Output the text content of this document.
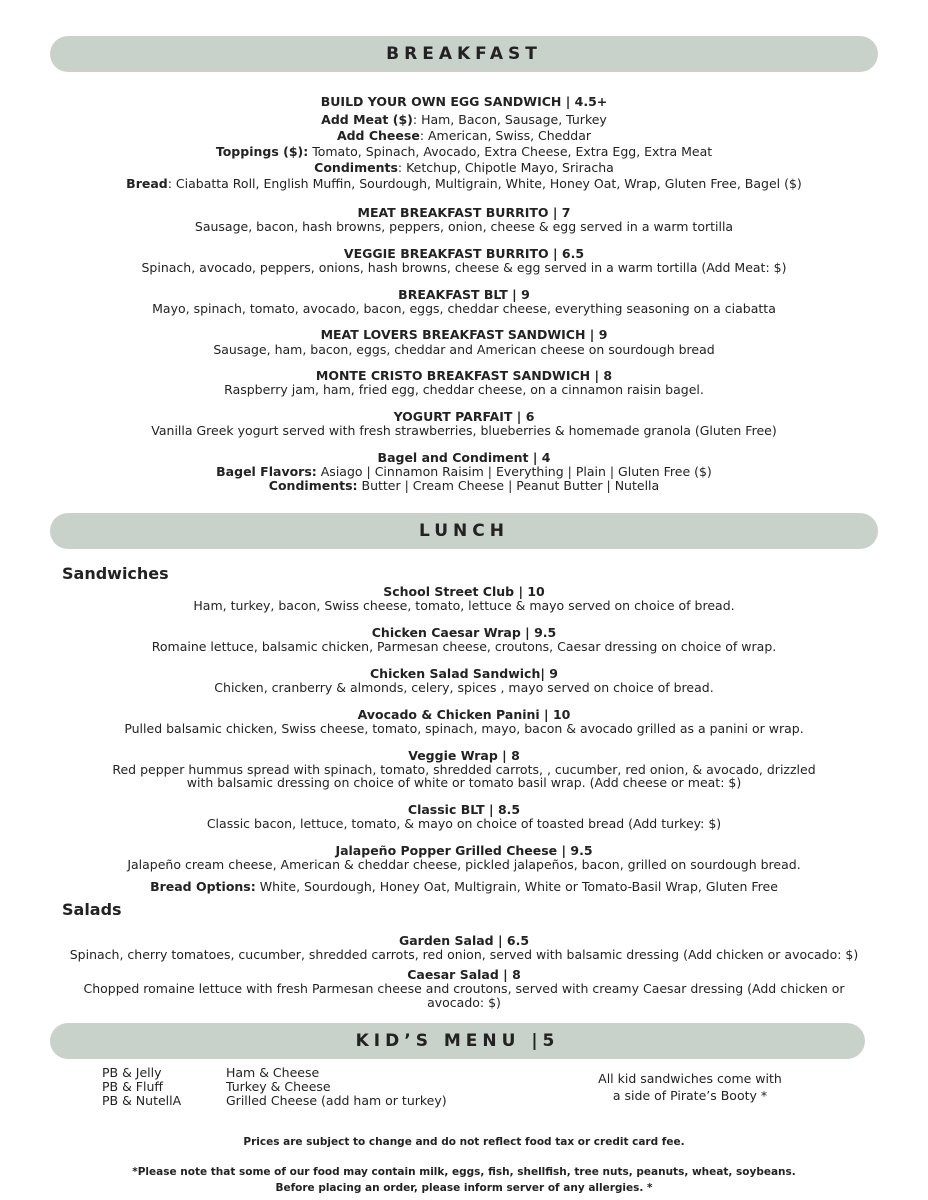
BREAKFAST
BUILD YOUR OWN EGG SANDWICH | 4.5+
Add Meat ($): Ham, Bacon, Sausage, Turkey
Add Cheese: American, Swiss, Cheddar
Toppings ($): Tomato, Spinach, Avocado, Extra Cheese, Extra Egg, Extra Meat
Condiments: Ketchup, Chipotle Mayo, Sriracha
Bread: Ciabatta Roll, English Muffin, Sourdough, Multigrain, White, Honey Oat, Wrap, Gluten Free, Bagel ($)
MEAT BREAKFAST BURRITO | 7
Sausage, bacon, hash browns, peppers, onion, cheese & egg served in a warm tortilla
VEGGIE BREAKFAST BURRITO | 6.5
Spinach, avocado, peppers, onions, hash browns, cheese & egg served in a warm tortilla (Add Meat: $)
BREAKFAST BLT | 9
Mayo, spinach, tomato, avocado, bacon, eggs, cheddar cheese, everything seasoning on a ciabatta
MEAT LOVERS BREAKFAST SANDWICH | 9
Sausage, ham, bacon, eggs, cheddar and American cheese on sourdough bread
MONTE CRISTO BREAKFAST SANDWICH | 8
Raspberry jam, ham, fried egg, cheddar cheese, on a cinnamon raisin bagel.
YOGURT PARFAIT | 6
Vanilla Greek yogurt served with fresh strawberries, blueberries & homemade granola (Gluten Free)
Bagel and Condiment | 4
Bagel Flavors: Asiago | Cinnamon Raisim | Everything | Plain | Gluten Free ($)
Condiments: Butter | Cream Cheese | Peanut Butter | Nutella
LUNCH
Sandwiches
School Street Club | 10
Ham, turkey, bacon, Swiss cheese, tomato, lettuce & mayo served on choice of bread.
Chicken Caesar Wrap | 9.5
Romaine lettuce, balsamic chicken, Parmesan cheese, croutons, Caesar dressing on choice of wrap.
Chicken Salad Sandwich| 9
Chicken, cranberry & almonds, celery, spices , mayo served on choice of bread.
Avocado & Chicken Panini | 10
Pulled balsamic chicken, Swiss cheese, tomato, spinach, mayo, bacon & avocado grilled as a panini or wrap.
Veggie Wrap | 8
Red pepper hummus spread with spinach, tomato, shredded carrots, , cucumber, red onion, & avocado, drizzled
with balsamic dressing on choice of white or tomato basil wrap. (Add cheese or meat: $)
Classic BLT | 8.5
Classic bacon, lettuce, tomato, & mayo on choice of toasted bread (Add turkey: $)
Jalapeño Popper Grilled Cheese | 9.5
Jalapeño cream cheese, American & cheddar cheese, pickled jalapeños, bacon, grilled on sourdough bread.
Bread Options: White, Sourdough, Honey Oat, Multigrain, White or Tomato-Basil Wrap, Gluten Free
Salads
Garden Salad | 6.5
Spinach, cherry tomatoes, cucumber, shredded carrots, red onion, served with balsamic dressing (Add chicken or avocado: $)
Caesar Salad | 8
Chopped romaine lettuce with fresh Parmesan cheese and croutons, served with creamy Caesar dressing (Add chicken or
avocado: $)
KID’S MENU |5
PB & Jelly
PB & Fluff
PB & NutellA
Ham & Cheese
Turkey & Cheese
Grilled Cheese (add ham or turkey)
All kid sandwiches come with
a side of Pirate’s Booty *
Prices are subject to change and do not reflect food tax or credit card fee.
*Please note that some of our food may contain milk, eggs, fish, shellfish, tree nuts, peanuts, wheat, soybeans.
Before placing an order, please inform server of any allergies. *
